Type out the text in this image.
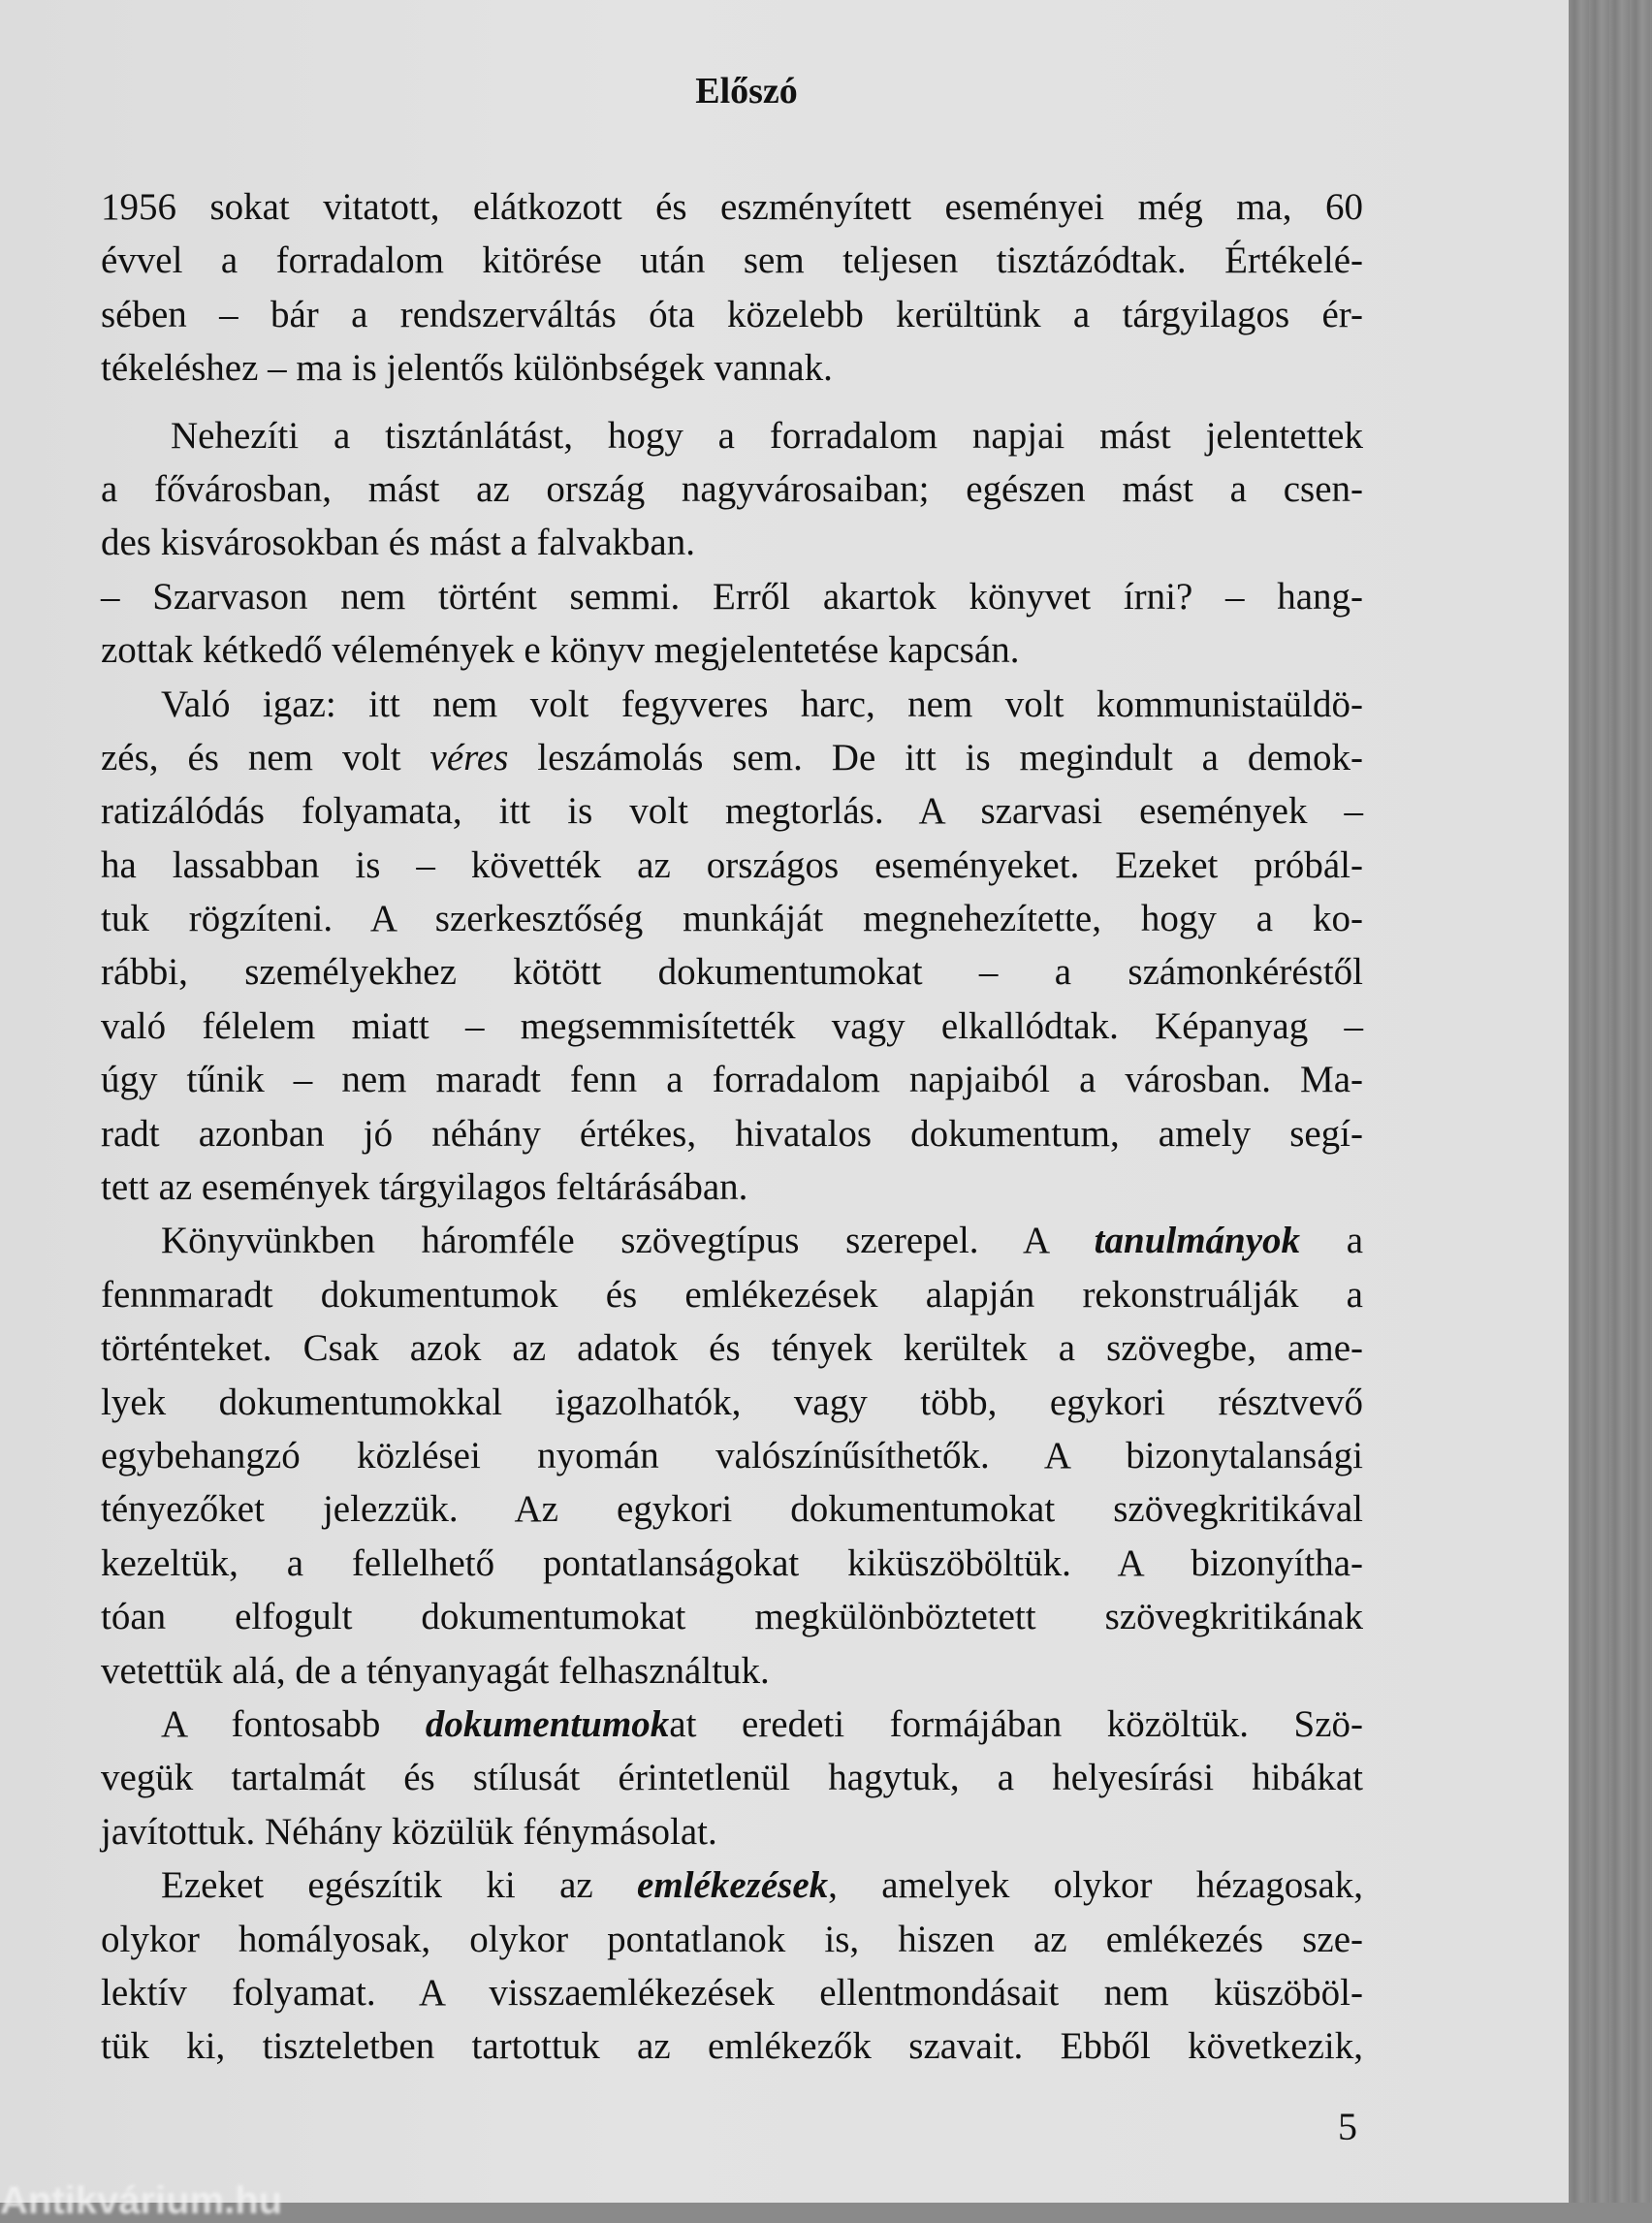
Előszó
1956 sokat vitatott, elátkozott és eszményített eseményei még ma, 60
évvel a forradalom kitörése után sem teljesen tisztázódtak. Értékelé-
sében – bár a rendszerváltás óta közelebb kerültünk a tárgyilagos ér-
tékeléshez – ma is jelentős különbségek vannak.
Nehezíti a tisztánlátást, hogy a forradalom napjai mást jelentettek
a fővárosban, mást az ország nagyvárosaiban; egészen mást a csen-
des kisvárosokban és mást a falvakban.
– Szarvason nem történt semmi. Erről akartok könyvet írni? – hang-
zottak kétkedő vélemények e könyv megjelentetése kapcsán.
Való igaz: itt nem volt fegyveres harc, nem volt kommunistaüldö-
zés, és nem volt véres leszámolás sem. De itt is megindult a demok-
ratizálódás folyamata, itt is volt megtorlás. A szarvasi események –
ha lassabban is – követték az országos eseményeket. Ezeket próbál-
tuk rögzíteni. A szerkesztőség munkáját megnehezítette, hogy a ko-
rábbi, személyekhez kötött dokumentumokat – a számonkéréstől
való félelem miatt – megsemmisítették vagy elkallódtak. Képanyag –
úgy tűnik – nem maradt fenn a forradalom napjaiból a városban. Ma-
radt azonban jó néhány értékes, hivatalos dokumentum, amely segí-
tett az események tárgyilagos feltárásában.
Könyvünkben háromféle szövegtípus szerepel. A tanulmányok a
fennmaradt dokumentumok és emlékezések alapján rekonstruálják a
történteket. Csak azok az adatok és tények kerültek a szövegbe, ame-
lyek dokumentumokkal igazolhatók, vagy több, egykori résztvevő
egybehangzó közlései nyomán valószínűsíthetők. A bizonytalansági
tényezőket jelezzük. Az egykori dokumentumokat szövegkritikával
kezeltük, a fellelhető pontatlanságokat kiküszöböltük. A bizonyítha-
tóan elfogult dokumentumokat megkülönböztetett szövegkritikának
vetettük alá, de a tényanyagát felhasználtuk.
A fontosabb dokumentumokat eredeti formájában közöltük. Szö-
vegük tartalmát és stílusát érintetlenül hagytuk, a helyesírási hibákat
javítottuk. Néhány közülük fénymásolat.
Ezeket egészítik ki az emlékezések, amelyek olykor hézagosak,
olykor homályosak, olykor pontatlanok is, hiszen az emlékezés sze-
lektív folyamat. A visszaemlékezések ellentmondásait nem küszöböl-
tük ki, tiszteletben tartottuk az emlékezők szavait. Ebből következik,
5
Antikvárium.hu
